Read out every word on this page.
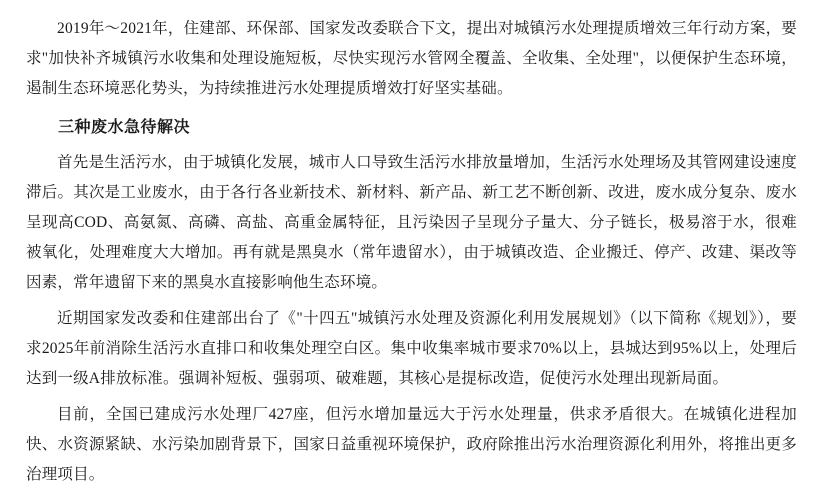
2019年～2021年，住建部、环保部、国家发改委联合下文，提出对城镇污水处理提质增效三年行动方案，要求"加快补齐城镇污水收集和处理设施短板，尽快实现污水管网全覆盖、全收集、全处理"，以便保护生态环境，遏制生态环境恶化势头，为持续推进污水处理提质增效打好坚实基础。

三种废水急待解决

首先是生活污水，由于城镇化发展，城市人口导致生活污水排放量增加，生活污水处理场及其管网建设速度滞后。其次是工业废水，由于各行各业新技术、新材料、新产品、新工艺不断创新、改进，废水成分复杂、废水呈现高COD、高氨氮、高磷、高盐、高重金属特征，且污染因子呈现分子量大、分子链长，极易溶于水，很难被氧化，处理难度大大增加。再有就是黑臭水（常年遗留水），由于城镇改造、企业搬迁、停产、改建、渠改等因素，常年遗留下来的黑臭水直接影响他生态环境。

近期国家发改委和住建部出台了《"十四五"城镇污水处理及资源化利用发展规划》（以下简称《规划》），要求2025年前消除生活污水直排口和收集处理空白区。集中收集率城市要求70%以上，县城达到95%以上，处理后达到一级A排放标准。强调补短板、强弱项、破难题，其核心是提标改造，促使污水处理出现新局面。

目前，全国已建成污水处理厂427座，但污水增加量远大于污水处理量，供求矛盾很大。在城镇化进程加快、水资源紧缺、水污染加剧背景下，国家日益重视环境保护，政府除推出污水治理资源化利用外，将推出更多治理项目。
